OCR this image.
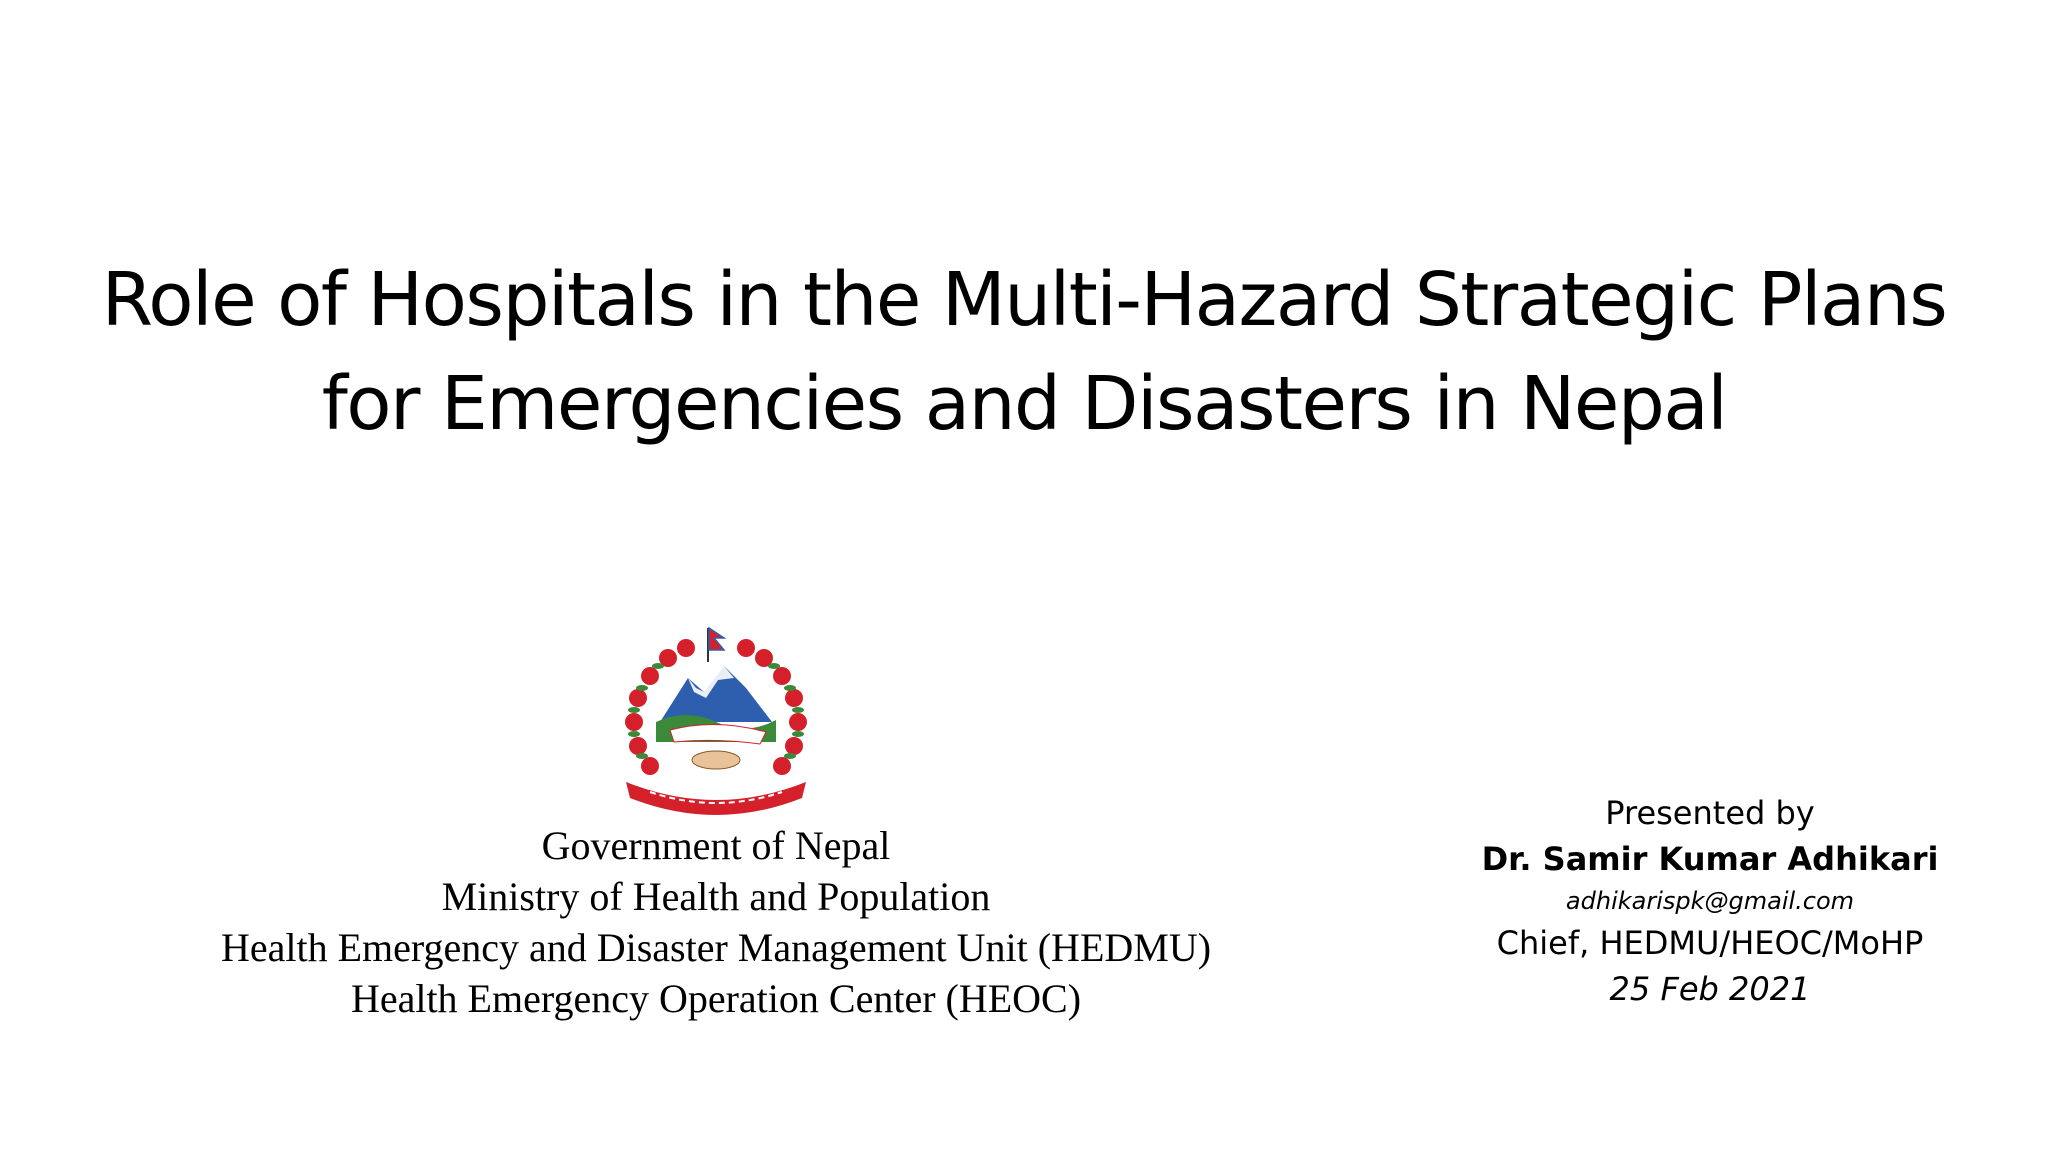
Role of Hospitals in the Multi-Hazard Strategic Plans
for Emergencies and Disasters in Nepal
Government of Nepal
Ministry of Health and Population
Health Emergency and Disaster Management Unit (HEDMU)
Health Emergency Operation Center (HEOC)
Presented by
Dr. Samir Kumar Adhikari
adhikarispk@gmail.com
Chief, HEDMU/HEOC/MoHP
25 Feb 2021
